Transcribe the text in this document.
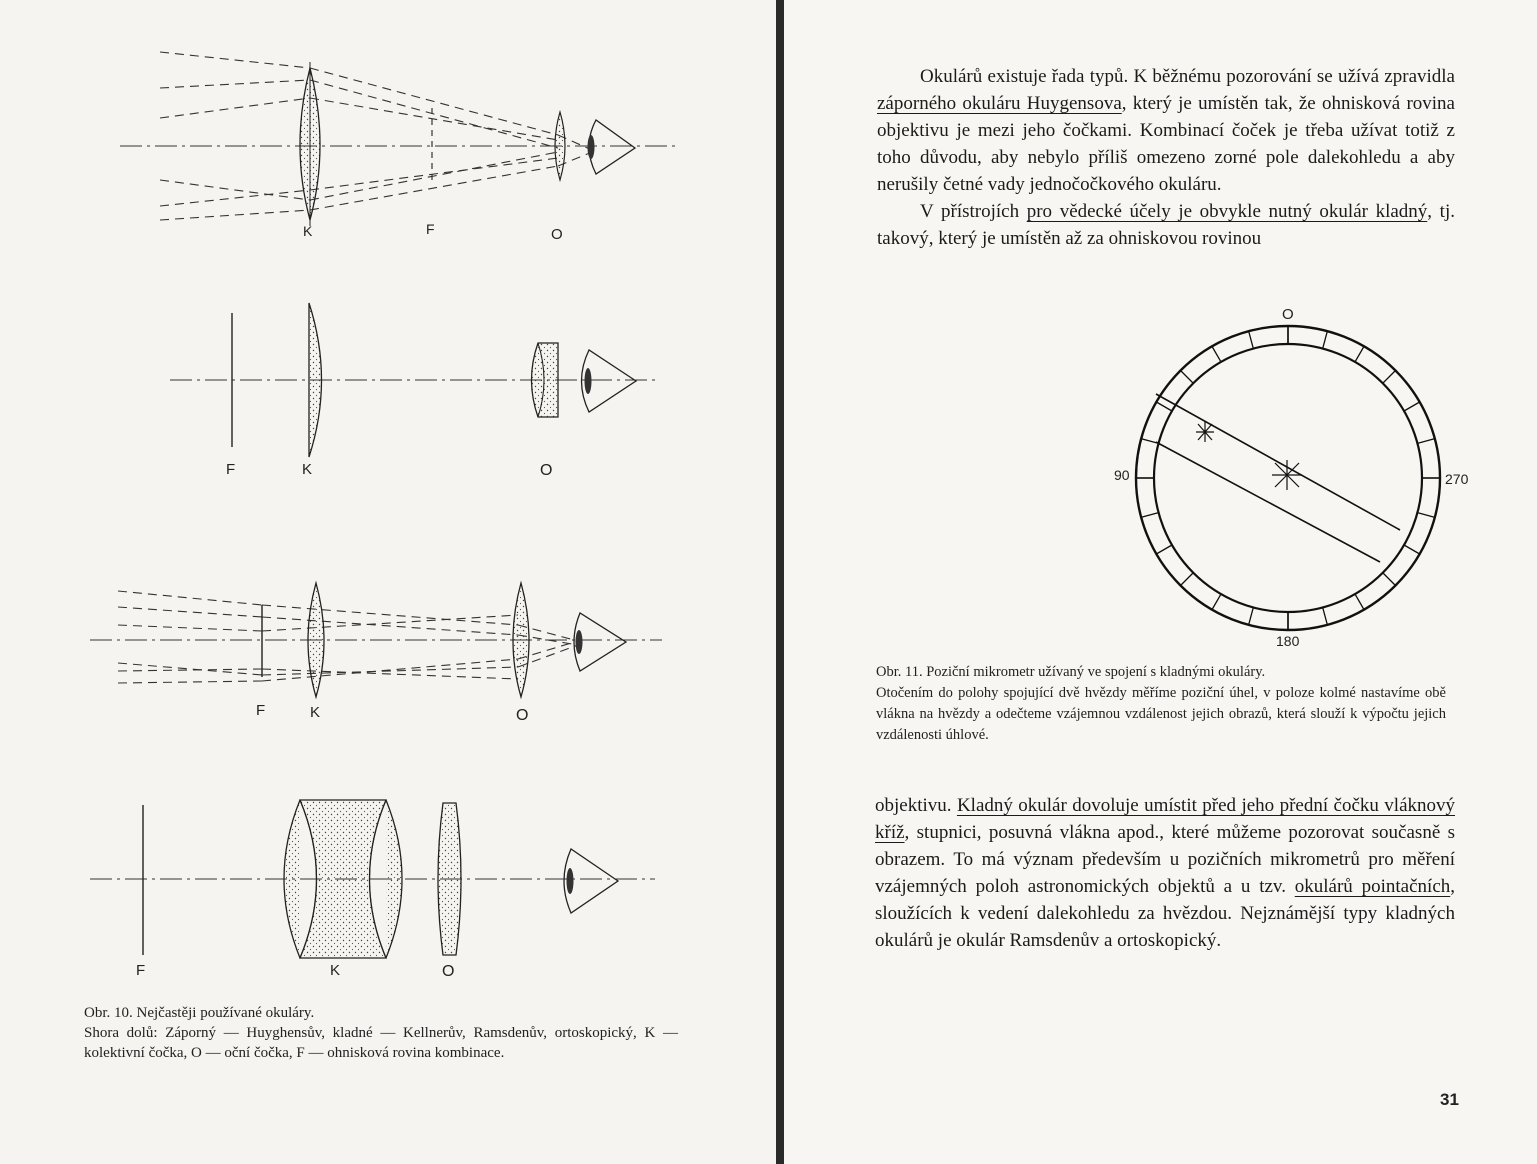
K	F	O
F	K	O
F	K	O
F	K	O

Obr. 10. Nejčastěji používané okuláry.

Shora dolů: Záporný — Huyghensův, kladné — Kellnerův, Ramsdenův, ortoskopický, K — kolektivní čočka, O — oční čočka, F — ohnisková rovina kombinace.

Okulárů existuje řada typů. K běžnému pozorování se užívá zpravidla záporného okuláru Huygensova, který je umístěn tak, že ohnisková rovina objektivu je mezi jeho čočkami. Kombinací čoček je třeba užívat totiž z toho důvodu, aby nebylo příliš omezeno zorné pole dalekohledu a aby nerušily četné vady jednočočkového okuláru.

V přístrojích pro vědecké účely je obvykle nutný okulár kladný, tj. takový, který je umístěn až za ohniskovou rovinou

O
90	270
180

Obr. 11. Poziční mikrometr užívaný ve spojení s kladnými okuláry.

Otočením do polohy spojující dvě hvězdy měříme poziční úhel, v poloze kolmé nastavíme obě vlákna na hvězdy a odečteme vzájemnou vzdálenost jejich obrazů, která slouží k výpočtu jejich vzdálenosti úhlové.

objektivu. Kladný okulár dovoluje umístit před jeho přední čočku vláknový kříž, stupnici, posuvná vlákna apod., které můžeme pozorovat současně s obrazem. To má význam především u pozičních mikrometrů pro měření vzájemných poloh astronomických objektů a u tzv. okulárů pointačních, sloužících k vedení dalekohledu za hvězdou. Nejznámější typy kladných okulárů je okulár Ramsdenův a ortoskopický.

31
